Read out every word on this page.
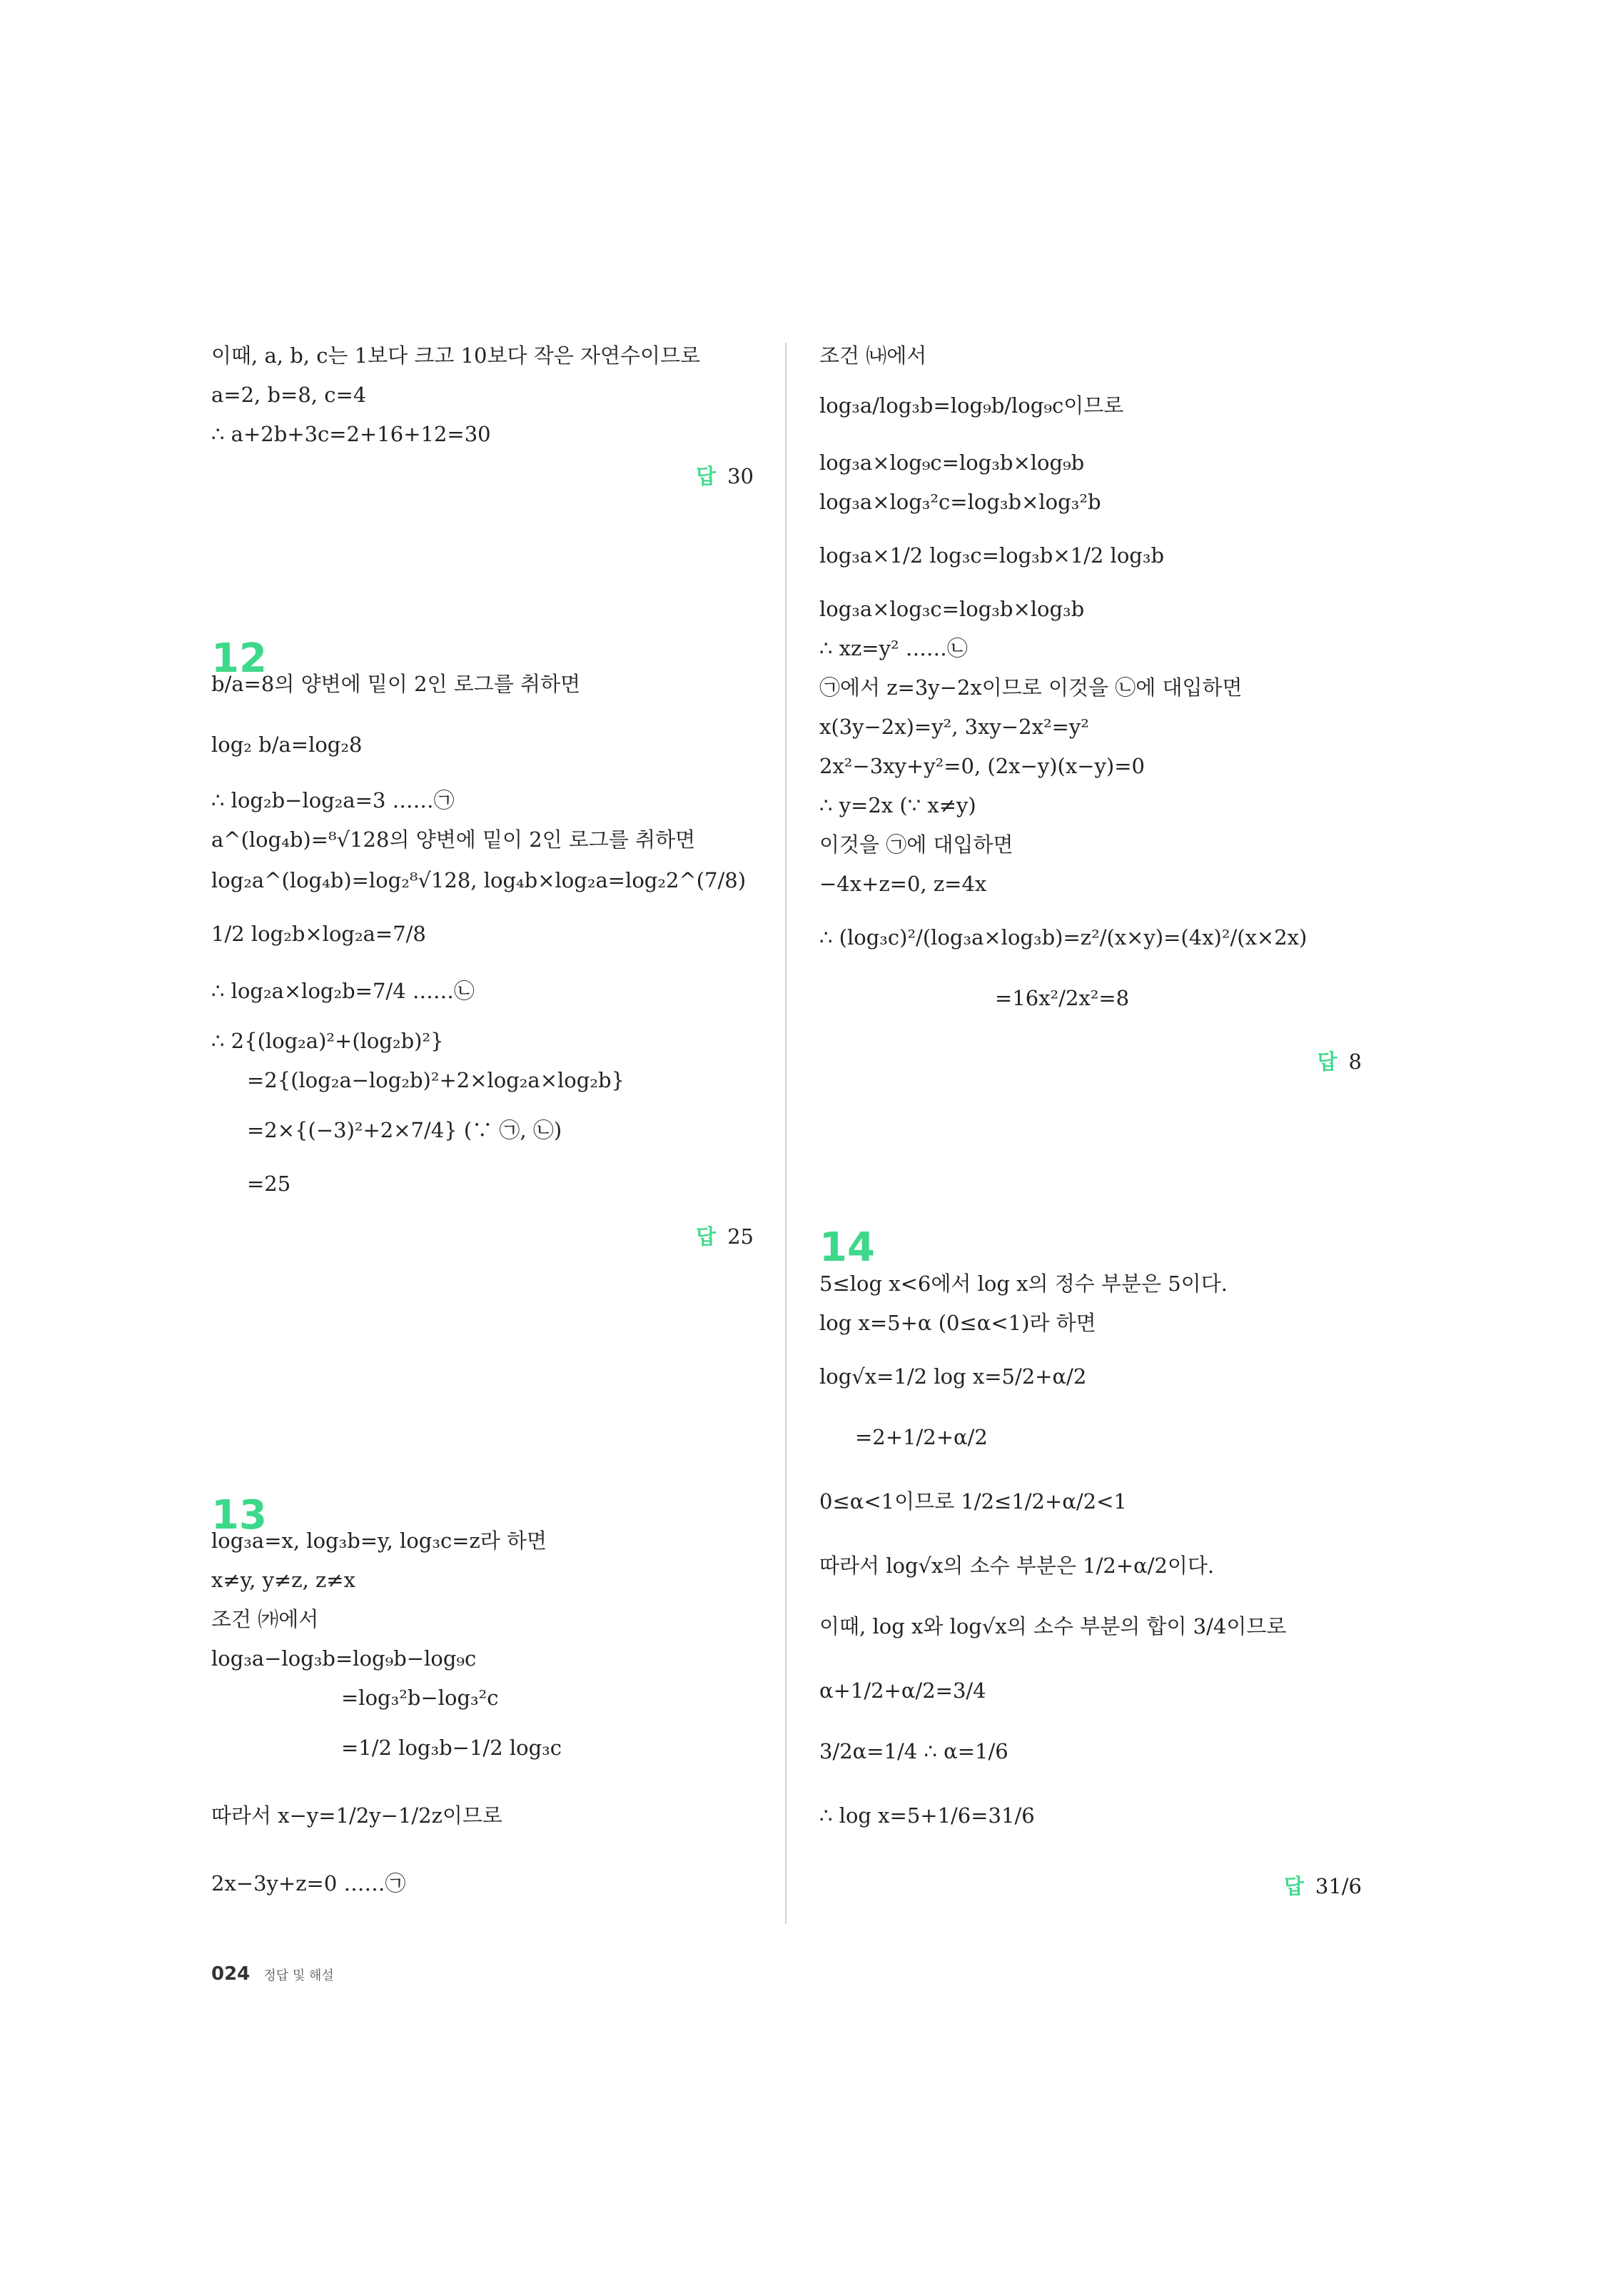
이때, a, b, c는 1보다 크고 10보다 작은 자연수이므로
a=2, b=8, c=4
∴ a+2b+3c=2+16+12=30
b/a=8의 양변에 밑이 2인 로그를 취하면
log₂ b/a=log₂8
∴ log₂b−log₂a=3 ……㉠
a^(log₄b)=⁸√128의 양변에 밑이 2인 로그를 취하면
log₂a^(log₄b)=log₂⁸√128, log₄b×log₂a=log₂2^(7/8)
1/2 log₂b×log₂a=7/8
∴ log₂a×log₂b=7/4 ……㉡
∴ 2{(log₂a)²+(log₂b)²}
=2{(log₂a−log₂b)²+2×log₂a×log₂b}
=2×{(−3)²+2×7/4} (∵ ㉠, ㉡)
=25
log₃a=x, log₃b=y, log₃c=z라 하면
x≠y, y≠z, z≠x
조건 ㈎에서
log₃a−log₃b=log₉b−log₉c
=log₃²b−log₃²c
=1/2 log₃b−1/2 log₃c
따라서 x−y=1/2y−1/2z이므로
2x−3y+z=0 ……㉠
12
13
답 30
답 25
조건 ㈏에서
log₃a/log₃b=log₉b/log₉c이므로
log₃a×log₉c=log₃b×log₉b
log₃a×log₃²c=log₃b×log₃²b
log₃a×1/2 log₃c=log₃b×1/2 log₃b
log₃a×log₃c=log₃b×log₃b
∴ xz=y² ……㉡
㉠에서 z=3y−2x이므로 이것을 ㉡에 대입하면
x(3y−2x)=y², 3xy−2x²=y²
2x²−3xy+y²=0, (2x−y)(x−y)=0
∴ y=2x (∵ x≠y)
이것을 ㉠에 대입하면
−4x+z=0, z=4x
∴ (log₃c)²/(log₃a×log₃b)=z²/(x×y)=(4x)²/(x×2x)
=16x²/2x²=8
5≤log x<6에서 log x의 정수 부분은 5이다.
log x=5+α (0≤α<1)라 하면
log√x=1/2 log x=5/2+α/2
=2+1/2+α/2
0≤α<1이므로 1/2≤1/2+α/2<1
따라서 log√x의 소수 부분은 1/2+α/2이다.
이때, log x와 log√x의 소수 부분의 합이 3/4이므로
α+1/2+α/2=3/4
3/2α=1/4 ∴ α=1/6
∴ log x=5+1/6=31/6
14
답 8
답 31/6
024 정답 및 해설
